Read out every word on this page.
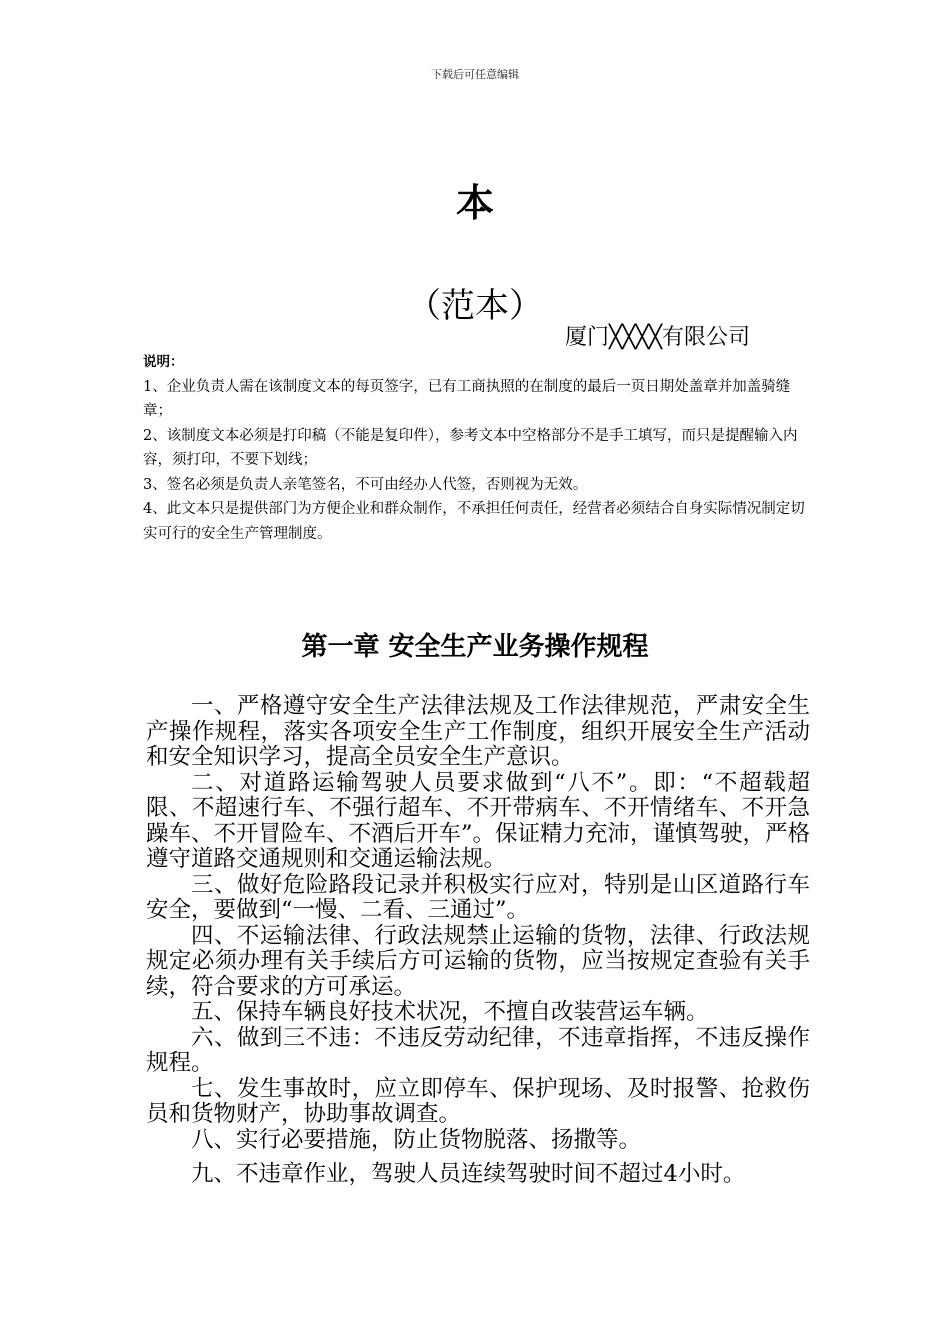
下载后可任意编辑
本
（范本）
厦门╳╳╳╳有限公司
说明：
1、企业负责人需在该制度文本的每页签字，已有工商执照的在制度的最后一页日期处盖章并加盖骑缝章；
2、该制度文本必须是打印稿（不能是复印件），参考文本中空格部分不是手工填写，而只是提醒输入内容，须打印，不要下划线；
3、签名必须是负责人亲笔签名，不可由经办人代签，否则视为无效。
4、此文本只是提供部门为方便企业和群众制作，不承担任何责任，经营者必须结合自身实际情况制定切实可行的安全生产管理制度。
第一章 安全生产业务操作规程

一、严格遵守安全生产法律法规及工作法律规范，严肃安全生产操作规程，落实各项安全生产工作制度，组织开展安全生产活动和安全知识学习，提高全员安全生产意识。

二、对道路运输驾驶人员要求做到“八不”。即：“不超载超限、不超速行车、不强行超车、不开带病车、不开情绪车、不开急躁车、不开冒险车、不酒后开车”。保证精力充沛，谨慎驾驶，严格遵守道路交通规则和交通运输法规。

三、做好危险路段记录并积极实行应对，特别是山区道路行车安全，要做到“一慢、二看、三通过”。

四、不运输法律、行政法规禁止运输的货物，法律、行政法规规定必须办理有关手续后方可运输的货物，应当按规定查验有关手续，符合要求的方可承运。

五、保持车辆良好技术状况，不擅自改装营运车辆。

六、做到三不违：不违反劳动纪律，不违章指挥，不违反操作规程。

七、发生事故时，应立即停车、保护现场、及时报警、抢救伤员和货物财产，协助事故调查。

八、实行必要措施，防止货物脱落、扬撒等。

九、不违章作业，驾驶人员连续驾驶时间不超过4小时。
